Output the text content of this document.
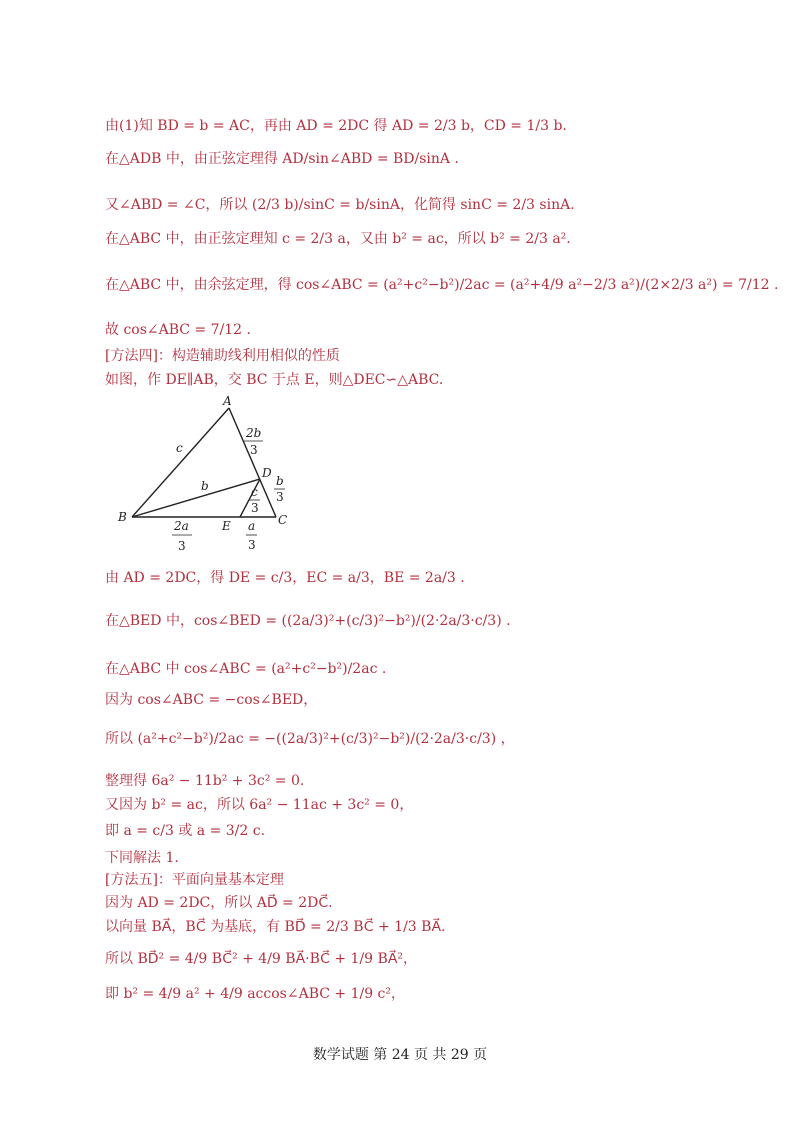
由(1)知 BD = b = AC，再由 AD = 2DC 得 AD = 2/3 b，CD = 1/3 b.
在△ADB 中，由正弦定理得 AD/sin∠ABD = BD/sinA .
又∠ABD = ∠C，所以 (2/3 b)/sinC = b/sinA，化简得 sinC = 2/3 sinA.
在△ABC 中，由正弦定理知 c = 2/3 a，又由 b² = ac，所以 b² = 2/3 a².
在△ABC 中，由余弦定理，得 cos∠ABC = (a²+c²−b²)/2ac = (a²+4/9 a²−2/3 a²)/(2×2/3 a²) = 7/12 .
故 cos∠ABC = 7/12 .
[方法四]：构造辅助线利用相似的性质
如图，作 DE∥AB，交 BC 于点 E，则△DEC∽△ABC.
由 AD = 2DC，得 DE = c/3，EC = a/3，BE = 2a/3 .
在△BED 中，cos∠BED = ((2a/3)²+(c/3)²−b²)/(2·2a/3·c/3) .
在△ABC 中 cos∠ABC = (a²+c²−b²)/2ac .
因为 cos∠ABC = −cos∠BED，
所以 (a²+c²−b²)/2ac = −((2a/3)²+(c/3)²−b²)/(2·2a/3·c/3) ，
整理得 6a² − 11b² + 3c² = 0.
又因为 b² = ac，所以 6a² − 11ac + 3c² = 0，
即 a = c/3 或 a = 3/2 c.
下同解法 1.
[方法五]：平面向量基本定理
因为 AD = 2DC，所以 AD⃗ = 2DC⃗.
以向量 BA⃗，BC⃗ 为基底，有 BD⃗ = 2/3 BC⃗ + 1/3 BA⃗.
所以 BD⃗² = 4/9 BC⃗² + 4/9 BA⃗·BC⃗ + 1/9 BA⃗²，
即 b² = 4/9 a² + 4/9 accos∠ABC + 1/9 c²，
A
B	C
D
E
c
b
2b
3
b
3
c
3
2a
3
a
3
数学试题 第 24 页 共 29 页
